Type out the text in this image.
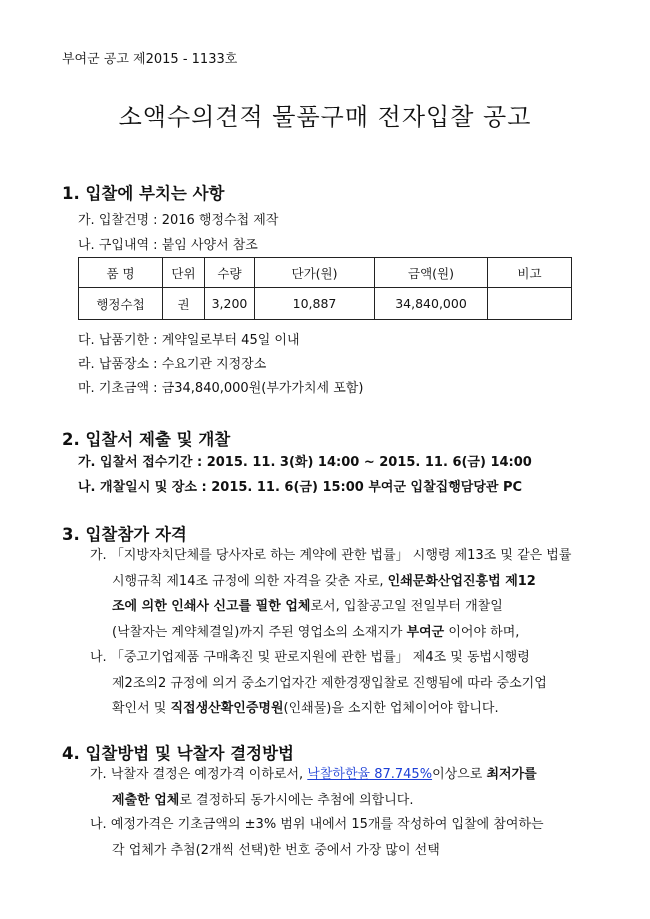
부여군 공고 제2015 - 1133호
소액수의견적 물품구매 전자입찰 공고
1. 입찰에 부치는 사항
가. 입찰건명 : 2016 행정수첩 제작
나. 구입내역 : 붙임 사양서 참조
품 명	단위	수량	단가(원)	금액(원)	비고
행정수첩	권	3,200	10,887	34,840,000	
다. 납품기한 : 계약일로부터 45일 이내
라. 납품장소 : 수요기관 지정장소
마. 기초금액 : 금34,840,000원(부가가치세 포함)
2. 입찰서 제출 및 개찰
가. 입찰서 접수기간 : 2015. 11. 3(화) 14:00 ~ 2015. 11. 6(금) 14:00
나. 개찰일시 및 장소 : 2015. 11. 6(금) 15:00 부여군 입찰집행담당관 PC
3. 입찰참가 자격
가. 「지방자치단체를 당사자로 하는 계약에 관한 법률」 시행령 제13조 및 같은 법률
시행규칙 제14조 규정에 의한 자격을 갖춘 자로, 인쇄문화산업진흥법 제12
조에 의한 인쇄사 신고를 필한 업체로서, 입찰공고일 전일부터 개찰일
(낙찰자는 계약체결일)까지 주된 영업소의 소재지가 부여군 이어야 하며,
나. 「중고기업제품 구매촉진 및 판로지원에 관한 법률」 제4조 및 동법시행령
제2조의2 규정에 의거 중소기업자간 제한경쟁입찰로 진행됨에 따라 중소기업
확인서 및 직접생산확인증명원(인쇄물)을 소지한 업체이어야 합니다.
4. 입찰방법 및 낙찰자 결정방법
가. 낙찰자 결정은 예정가격 이하로서, 낙찰하한율 87.745%이상으로 최저가를
제출한 업체로 결정하되 동가시에는 추첨에 의합니다.
나. 예정가격은 기초금액의 ±3% 범위 내에서 15개를 작성하여 입찰에 참여하는
각 업체가 추첨(2개씩 선택)한 번호 중에서 가장 많이 선택
